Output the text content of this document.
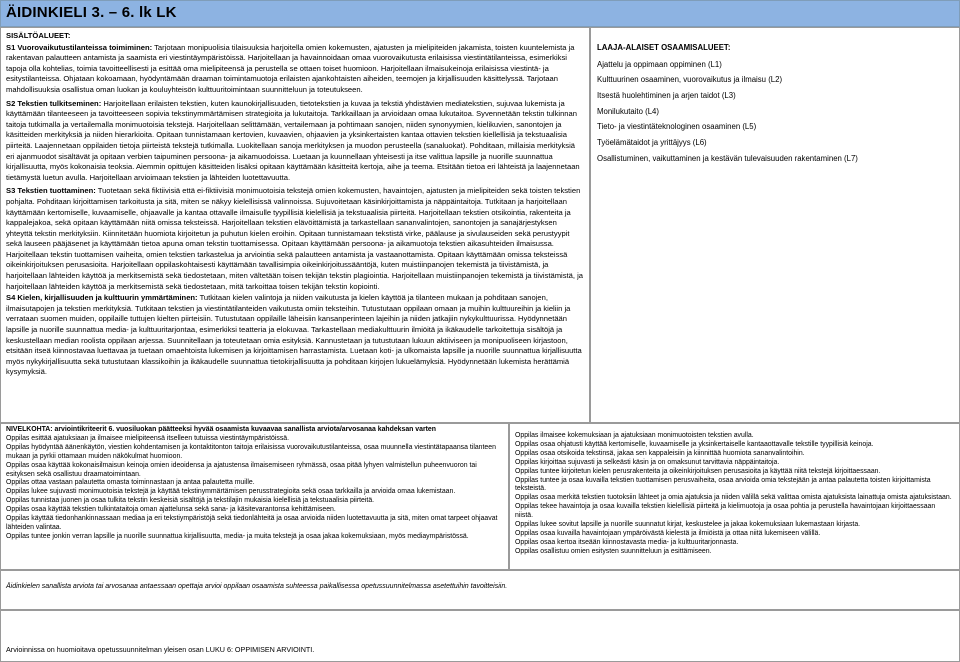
ÄIDINKIELI 3. – 6. lk LK

SISÄLTÖALUEET:

S1 Vuorovaikutustilanteissa toimiminen: Tarjotaan monipuolisia tilaisuuksia harjoitella omien kokemusten, ajatusten ja mielipiteiden jakamista, toisten kuuntelemista ja rakentavan palautteen antamista ja saamista eri viestintäympäristöissä. Harjoitellaan ja havainnoidaan omaa vuorovaikutusta erilaisissa viestintätilanteissa, esimerkiksi tapoja olla kohtelias, toimia tavoitteellisesti ja esittää oma mielipiteensä ja perustella se ottaen toiset huomioon. Harjoitellaan ilmaisukeinoja erilaisissa viestintä- ja esitystilanteissa. Ohjataan kokoamaan, hyödyntämään draaman toimintamuotoja erilaisten ajankohtaisten aiheiden, teemojen ja kirjallisuuden käsittelyssä. Tarjotaan mahdollisuuksia osallistua oman luokan ja kouluyhteisön kulttuuritoimintaan suunnitteluun ja toteutukseen.

S2 Tekstien tulkitseminen: Harjoitellaan erilaisten tekstien, kuten kaunokirjallisuuden, tietotekstien ja kuvaa ja tekstiä yhdistävien mediatekstien, sujuvaa lukemista ja käyttämään tilanteeseen ja tavoitteeseen sopivia tekstinymmärtämisen strategioita ja lukutaitoja. Tarkkaillaan ja arvioidaan omaa lukutaitoa. Syvennetään tekstin tulkinnan taitoja tutkimalla ja vertailemalla monimuotoisia tekstejä. Harjoitellaan selittämään, vertailemaan ja pohtimaan sanojen, niiden synonyymien, kielikuvien, sanontojen ja käsitteiden merkityksiä ja niiden hierarkioita. Opitaan tunnistamaan kertovien, kuvaavien, ohjaavien ja yksinkertaisten kantaa ottavien tekstien kiellellisiä ja tekstuaalisia piirteitä. Laajennetaan oppilaiden tietoja piirteistä tekstejä tutkimalla. Luokitellaan sanoja merkityksen ja muodon perusteella (sanaluokat). Pohditaan, millaisia merkityksiä eri ajanmuodot sisältävät ja opitaan verbien taipuminen persoona- ja aikamuodoissa. Luetaan ja kuunnellaan yhteisesti ja itse valittua lapsille ja nuorille suunnattua kirjallisuutta, myös kokonaisia teoksia. Aiemmin opittujen käsitteiden lisäksi opitaan käyttämään käsitteitä kertoja, aihe ja teema. Etsitään tietoa eri lähteistä ja laajennetaan tietämystä luetun avulla. Harjoitellaan arvioimaan tekstien ja lähteiden luotettavuutta.

S3 Tekstien tuottaminen: Tuotetaan sekä fiktiivisiä että ei-fiktiivisiä monimuotoisia tekstejä omien kokemusten, havaintojen, ajatusten ja mielipiteiden sekä toisten tekstien pohjalta. Pohditaan kirjoittamisen tarkoitusta ja sitä, miten se näkyy kielellisissä valinnoissa. Sujuvoitetaan käsinkirjoittamista ja näppäintaitoja. Tutkitaan ja harjoitellaan käyttämään kertomiselle, kuvaamiselle, ohjaavalle ja kantaa ottavalle ilmaisulle tyypillisiä kielellisiä ja tekstuaalisia piirteitä. Harjoitellaan tekstien otsikointia, rakenteita ja kappalejakoa, sekä opitaan käyttämään niitä omissa teksteissä. Harjoitellaan tekstien elävöittämistä ja tarkastellaan sananvalintojen, sanontojen ja sanajärjestyksen yhteyttä tekstin merkityksiin. Kiinnitetään huomiota kirjoitetun ja puhutun kielen eroihin. Opitaan tunnistamaan tekstistä virke, päälause ja sivulauseiden sekä perustyypit sekä lauseen pääjäsenet ja käyttämään tietoa apuna oman tekstin tuottamisessa. Opitaan käyttämään persoona- ja aikamuotoja tekstien aikasuhteiden ilmaisussa. Harjoitellaan tekstin tuottamisen vaiheita, omien tekstien tarkastelua ja arviointia sekä palautteen antamista ja vastaanottamista. Opitaan käyttämään omissa teksteissä oikeinkirjoituksen perusasioita. Harjoitellaan oppilaskohtaisesti käyttämään tavallisimpia oikeinkirjoitussääntöjä, kuten muistiinpanojen tekemistä ja tiivistämistä, ja harjoitellaan lähteiden käyttöä ja merkitsemistä sekä tiedostetaan, miten vältetään toisen tekijän tekstin plagiointia. Harjoitellaan muistiinpanojen tekemistä ja tiivistämistä, ja harjoitellaan lähteiden käyttöä ja merkitsemistä sekä tiedostetaan, mitä tarkoittaa toisen tekijän tekstin kopiointi.

S4 Kielen, kirjallisuuden ja kulttuurin ymmärtäminen: Tutkitaan kielen valintoja ja niiden vaikutusta ja kielen käyttöä ja tilanteen mukaan ja pohditaan sanojen, ilmaisutapojen ja tekstien merkityksiä. Tutkitaan tekstien ja viestintätilanteiden vaikutusta omiin teksteihin. Tutustutaan oppilaan omaan ja muihin kulttuureihin ja kieliin ja verrataan suomen muiden, oppilaille tuttujen kielten piirteisiin. Tutustutaan oppilaille läheisiin kansanperinteen lajeihin ja niiden jatkajiin nykykulttuurissa. Hyödynnetään lapsille ja nuorille suunnattua media- ja kulttuuritarjontaa, esimerkiksi teatteria ja elokuvaa. Tarkastellaan mediakulttuurin ilmiöitä ja ikäkaudelle tarkoitettuja sisältöjä ja keskustellaan median roolista oppilaan arjessa. Suunnitellaan ja toteutetaan omia esityksiä. Kannustetaan ja tutustutaan lukuun aktiiviseen ja monipuoliseen kirjastoon, etsitään itseä kiinnostavaa luettavaa ja tuetaan omaehtoista lukemisen ja kirjoittamisen harrastamista. Luetaan koti- ja ulkomaista lapsille ja nuorille suunnattua kirjallisuutta myös nykykirjallisuutta sekä tutustutaan klassikoihin ja ikäkaudelle suunnattua tietokirjallisuutta ja pohditaan kirjojen lukuelämyksiä. Hyödynnetään lukemista herättämiä kysymyksiä.

LAAJA-ALAISET OSAAMISALUEET:
Ajattelu ja oppimaan oppiminen (L1)
Kulttuurinen osaaminen, vuorovaikutus ja ilmaisu (L2)
Itsestä huolehtiminen ja arjen taidot (L3)
Monilukutaito (L4)
Tieto- ja viestintäteknologinen osaaminen (L5)
Työelämätaidot ja yrittäjyys (L6)
Osallistuminen, vaikuttaminen ja kestävän tulevaisuuden rakentaminen (L7)
NIVELKOHTA: arviointikriteerit 6. vuosiluokan päätteeksi hyvää osaamista kuvaavaa sanallista arviota/arvosanaa kahdeksan varten
Oppilas esittää ajatuksiaan ja ilmaisee mielipiteensä itselleen tutuissa viestintäympäristöissä.
Oppilas hyödyntää äänenkäytön, viestien kohdentamisen ja kontaktitonton taitoja erilaisissa vuorovaikutustilanteissa, osaa muunnella viestintätapaansa tilanteen mukaan ja pyrkii ottamaan muiden näkökulmat huomioon.
Oppilas osaa käyttää kokonaisilmaisun keinoja omien ideoidensa ja ajatustensa ilmaisemiseen ryhmässä, osaa pitää lyhyen valmistellun puheenvuoron tai esityksen sekä osallistuu draamatoimintaan.
Oppilas ottaa vastaan palautetta omasta toiminnastaan ja antaa palautetta muille.
Oppilas lukee sujuvasti monimuotoisia tekstejä ja käyttää tekstinymmärtämisen perusstrategioita sekä osaa tarkkailla ja arvioida omaa lukemistaan.
Oppilas tunnistaa juonen ja osaa tulkita tekstin keskeisiä sisältöjä ja tekstilajin mukaisia kielellisiä ja tekstuaalisia piirteitä.
Oppilas osaa käyttää tekstien tulkintataitoja oman ajattelunsa sekä sana- ja käsitevarantonsa kehittämiseen.
Oppilas käyttää tiedonhankinnassaan mediaa ja eri tekstiympäristöjä sekä tiedonlähteitä ja osaa arvioida niiden luotettavuutta ja sitä, miten omat tarpeet ohjaavat lähteiden valintaa.
Oppilas tuntee jonkin verran lapsille ja nuorille suunnattua kirjallisuutta, media- ja muita tekstejä ja osaa jakaa kokemuksiaan, myös mediaympäristössä.
Oppilas ilmaisee kokemuksiaan ja ajatuksiaan monimuotoisten tekstien avulla.
Oppilas osaa ohjatusti käyttää kertomiselle, kuvaamiselle ja yksinkertaiselle kantaaottavalle tekstille tyypillisiä keinoja.
Oppilas osaa otsikoida tekstinsä, jakaa sen kappaleisiin ja kiinnittää huomiota sananvalintoihin.
Oppilas kirjoittaa sujuvasti ja selkeästi käsin ja on omaksunut tarvittavia näppäintaitoja.
Oppilas tuntee kirjoitetun kielen perusrakenteita ja oikeinkirjoituksen perusasioita ja käyttää niitä tekstejä kirjoittaessaan.
Oppilas tuntee ja osaa kuvailla tekstien tuottamisen perusvaiheita, osaa arvioida omia tekstejään ja antaa palautetta toisten kirjoittamista teksteistä.
Oppilas osaa merkitä tekstien tuotoksiin lähteet ja omia ajatuksia ja niiden välillä sekä valittaa omista ajatuksista lainattuja omista ajatuksistaan.
Oppilas tekee havaintoja ja osaa kuvailla tekstien kielellisiä piirteitä ja kielimuotoja ja osaa pohtia ja perustella havaintojaan kirjoittaessaan niistä.
Oppilas lukee sovitut lapsille ja nuorille suunnatut kirjat, keskustelee ja jakaa kokemuksiaan lukemastaan kirjasta.
Oppilas osaa kuvailla havaintojaan ympäröivästä kielestä ja ilmiöistä ja ottaa niitä lukemiseen välillä.
Oppilas osaa kertoa itseään kiinnostavasta media- ja kulttuuritarjonnasta.
Oppilas osallistuu omien esitysten suunnitteluun ja esittämiseen.
Äidinkielen sanallista arviota tai arvosanaa antaessaan opettaja arvioi oppilaan osaamista suhteessa paikallisessa opetussuunnitelmassa asetettuihin tavoitteisiin.
Arvioinnissa on huomioitava opetussuunnitelman yleisen osan LUKU 6: OPPIMISEN ARVIOINTI.
